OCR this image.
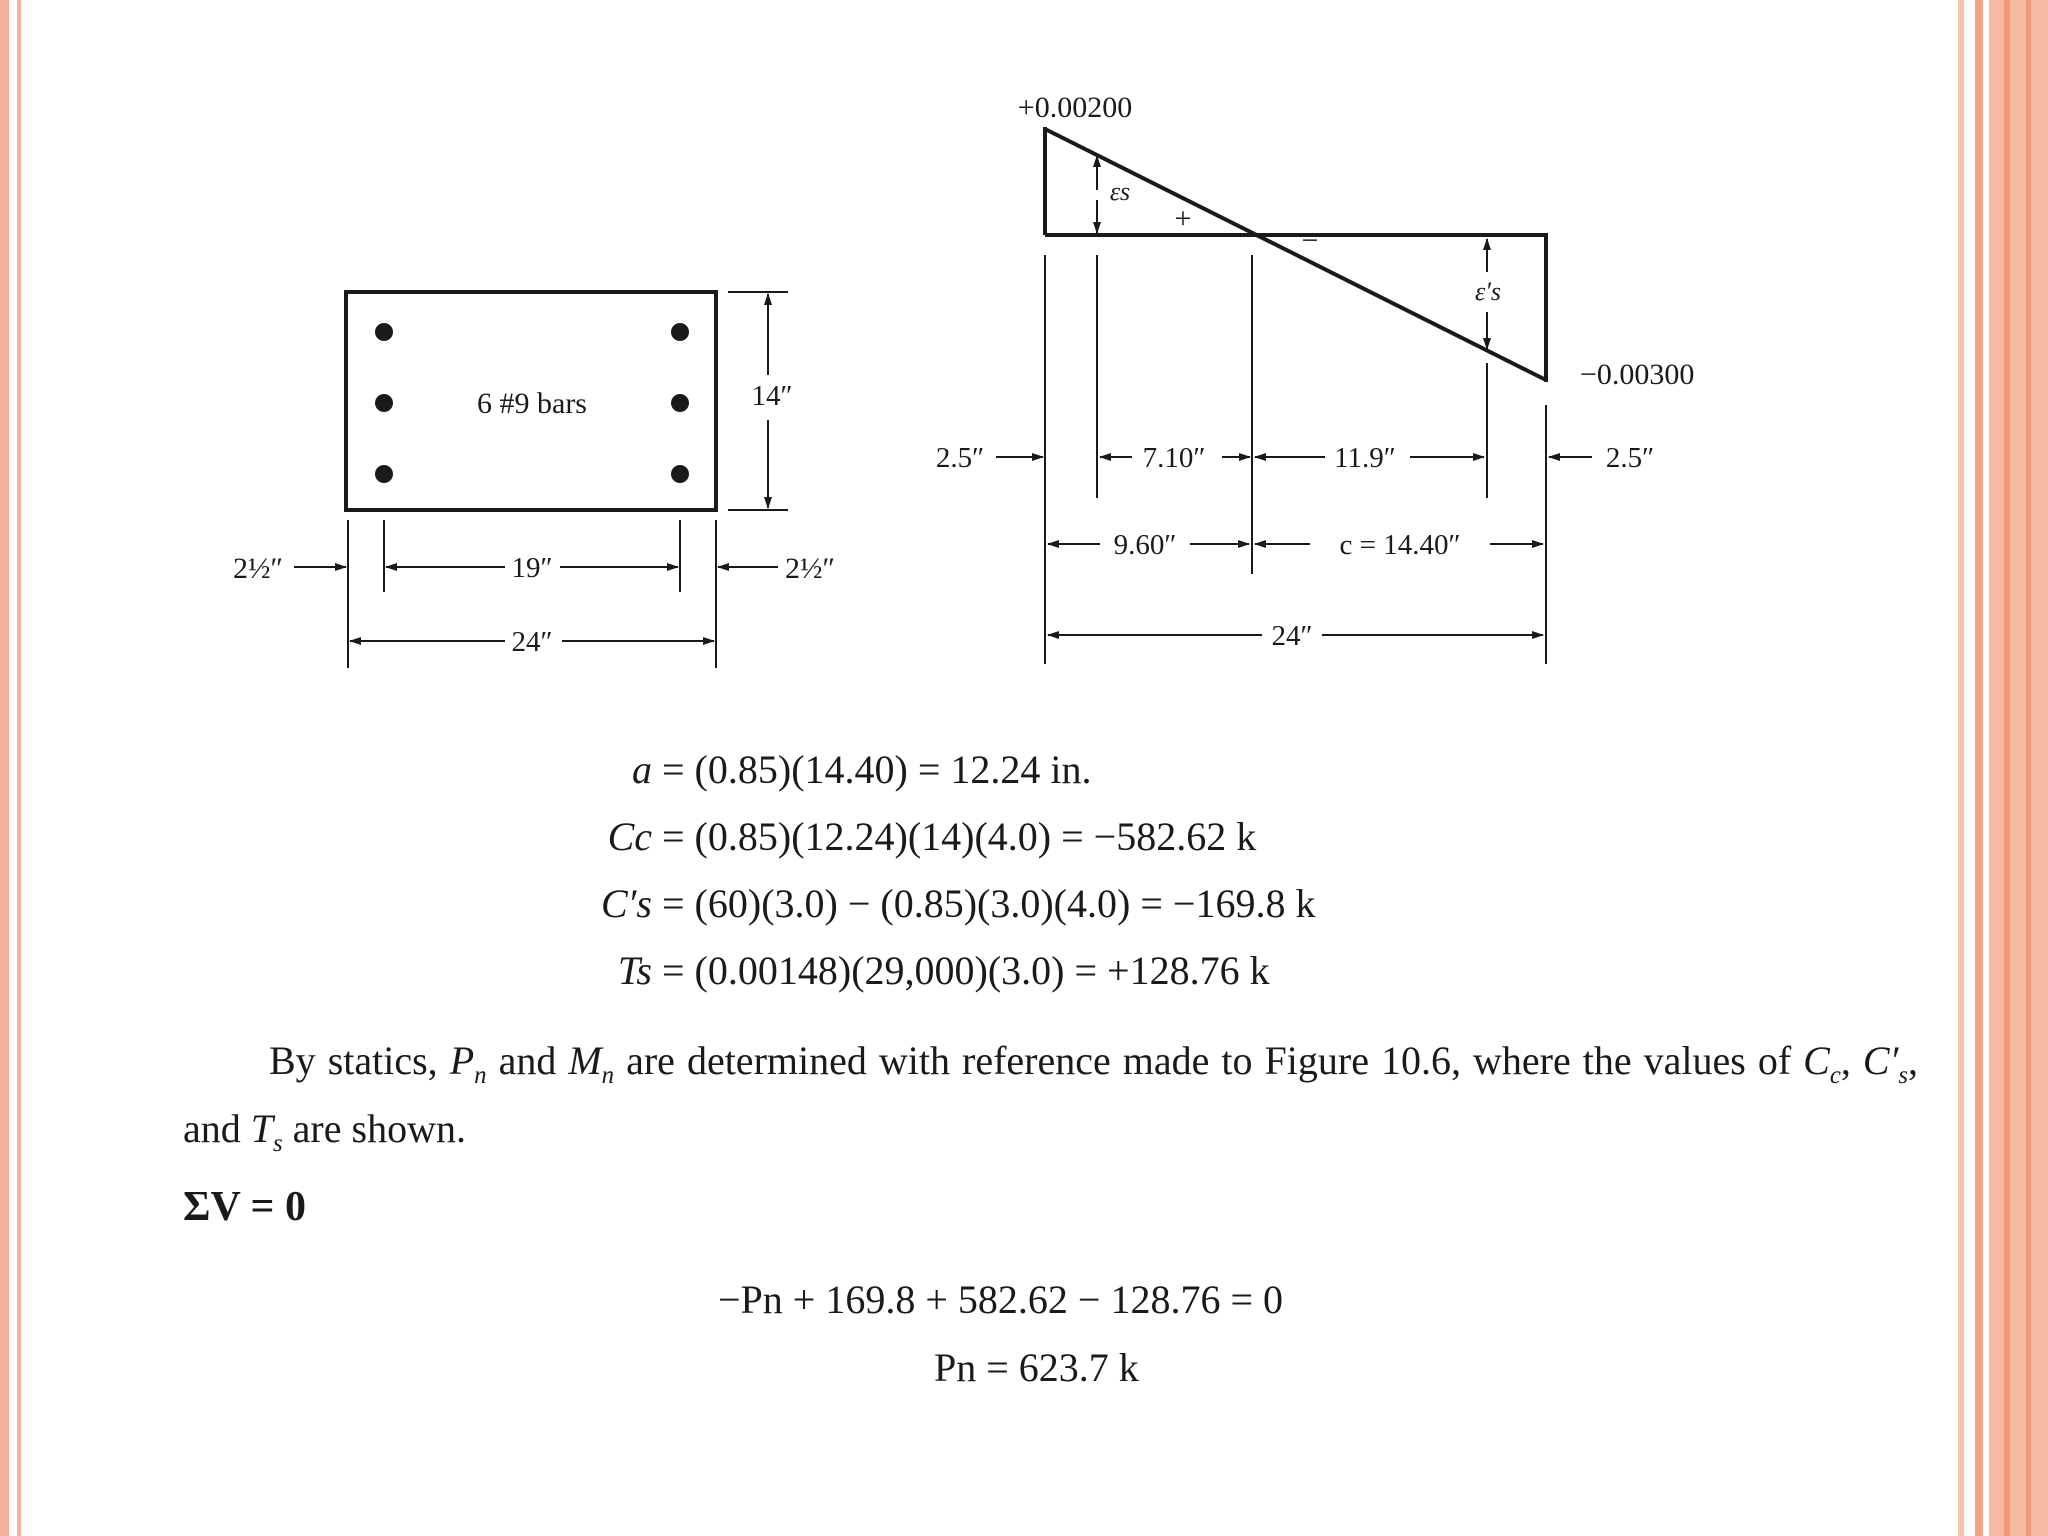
6 #9 bars	14″
2½″	19″	2½″
24″
+0.00200
εs
+
−
ε′s
−0.00300
2.5″	7.10″	11.9″	2.5″
9.60″	c = 14.40″
24″
a = (0.85)(14.40) = 12.24 in.
Cc = (0.85)(12.24)(14)(4.0) = −582.62 k
C′s = (60)(3.0) − (0.85)(3.0)(4.0) = −169.8 k
Ts = (0.00148)(29,000)(3.0) = +128.76 k
By statics, $P_n$ and $M_n$ are determined with reference made to Figure 10.6, where the values of $C_c$, $C'_s$, and $T_s$ are shown.
ΣV = 0
−Pn + 169.8 + 582.62 − 128.76 = 0
Pn = 623.7 k
